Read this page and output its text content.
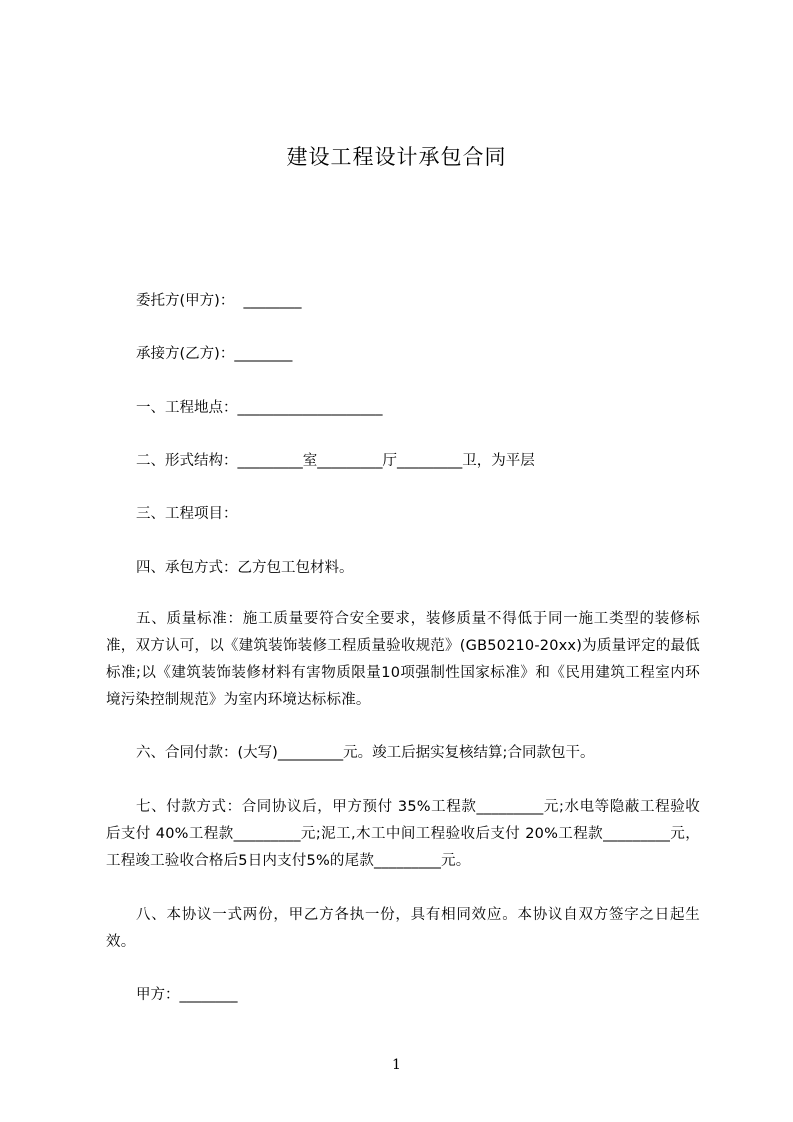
建设工程设计承包合同

委托方(甲方)：  ________

承接方(乙方)：________

一、工程地点：____________________

二、形式结构：_________室_________厅_________卫，为平层

三、工程项目：

四、承包方式：乙方包工包材料。

五、质量标准：施工质量要符合安全要求，装修质量不得低于同一施工类型的装修标准，双方认可，以《建筑装饰装修工程质量验收规范》(GB50210-20xx)为质量评定的最低标准;以《建筑装饰装修材料有害物质限量10项强制性国家标准》和《民用建筑工程室内环境污染控制规范》为室内环境达标标准。

六、合同付款：(大写)_________元。竣工后据实复核结算;合同款包干。

七、付款方式：合同协议后，甲方预付 35%工程款_________元;水电等隐蔽工程验收后支付 40%工程款_________元;泥工,木工中间工程验收后支付 20%工程款_________元，工程竣工验收合格后5日内支付5%的尾款_________元。

八、本协议一式两份，甲乙方各执一份，具有相同效应。本协议自双方签字之日起生效。

甲方：________

1
